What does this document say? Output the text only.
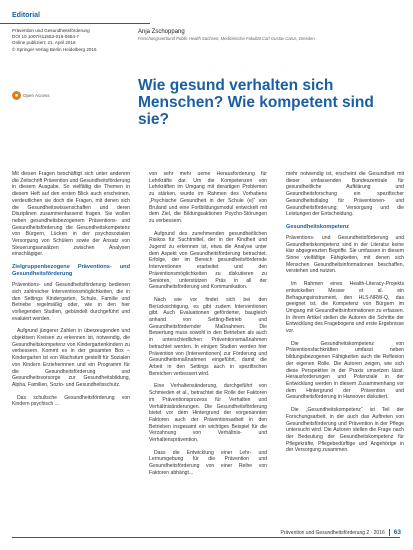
Editorial
Prävention und Gesundheitsförderung
DOI 10.1007/s11553-016-0554-7
Online publiziert: 21. April 2016
© Springer-Verlag Berlin Heidelberg 2016
●	Open Access
Anja Zschoppang
Forschungsverbund Public Health Sachsen, Medizinische Fakultät Carl Gustav Carus, Dresden
Wie gesund verhalten sich Menschen? Wie kompetent sind sie?

Mit diesen Fragen beschäftigt sich unter anderem die Zeitschrift Prävention und Gesundheitsförderung in diesem Ausgabe. So vielfältig die Themen in diesem Heft auf den ersten Blick auch erscheinen, verdeutlichen sie doch die Fragen, mit denen sich die Gesundheitswissenschaften und deren Disziplinen zusammenfassend fragen. Sie wollen neben gesundheitsbezogenem Präventions- und Gesundheitsförderung die Gesundheitskompetenz von Bürgern, Lücken in der psychosozialen Versorgung von Schülern sowie der Ansatz von Steuerungsansätzen zwischen Analysen einschlägiger.

Zielgruppenbezogene Präventions- und Gesundheitsförderung

Präventions- und Gesundheitsförderung bedienen sich zahlreicher Interventionsmöglichkeiten, die in den Settings Kindergarten, Schule, Familie und Betriebe regelmäßig oder, wie in den hier vorliegenden Studien, gebündelt durchgeführt und evaluiert werden.

Aufgrund jüngerer Zahlen in überzeugenden und objektiven Kreisen zu erkennen ist, notwendig, die Gesundheitskompetenz von Kindergartenkindern zu verbessern. Kommt es in der gesamten Box – Kindergarten ist von Wachstum gestellt für Sozialen von Kindern Erzieherinnen und ein Programm für die Gesundheitsförderung und Gesundheitsvorsorge zur Gesundheitsbildung, Alpha, Familien, Sozio- und Gesundheitsschutz.

Das schulische Gesundheitsförderung von Kindern psychisch ...

von sehr mehr ueme Herausforderung für Lehrkräfte dar. Um die Kompetenzen von Lehrkräften im Umgang mit derartigen Problemen zu stärken, wurde im Rahmen des Vorhabens „Psychische Gesundheit in der Schule (e)“ von Bruland und eine Fortbildungsmodul entwickelt mit dem Ziel, die Bildungsaktionen Psycho-Störungen zu verbessern.

Aufgrund des zunehmenden gesundheitlichen Risikos für Suchtmittel, der in der Kindheit und Jugend zu erkennen ist, etwa die Analyse unter dem Aspekt von Gesundheitsförderung betrachtet. Erfolge, der im Bereich gesundheitsfördernde Interventionen erarbeitet und den Präventionsmöglichkeiten zu diskutieren zu Senioren, unterstützen Präs in all der Gesundheitsförderung und Kommunikation.

Nach wie vor findet sich bei den Berücksichtigung, es gibt zudem Interventionen gibt. Auch Evaluationen geförderter, baugleich anhand von Setting-Betrieb und Gesundheitsfördernder Maßnahmen. Die Bewertung muss sowohl in den Betrieben als auch in unterschiedlichen Präventionsmaßnahmen betrachtet werden. In einigen Studien werden hier Prävention von (Interventionen) zur Förderung und Gesundheitsmaßnahmen eingeführt, damit die Arbeit in den Settings auch in spezifischen Bereichen verbessert wird.

Eine Verhaltensänderung, durchgeführt von Schmieden et al., betrachtet die Rolle der Faktoren im Präventionsprozess für Verhalten und Verhältnisänderungen. Die Gesundheitsförderung bietet vor dem Hintergrund der vorgenannten Faktoren auch der Präventionsarbeit in den Betrieben insgesamt ein wichtiges Beispiel für die Verzahnung von Verhältnis- und Verhaltensprävention.

Dass die Entwicklung einer Lehr- und Lernumgebung für die Prävention und Gesundheitsförderung von einer Reihe von Faktoren abhängt...

mehr notwendig ist, erscheint die Gesundheit mit dieser umfassenden Bundeszentrale für gesundheitliche Aufklärung und Gesundheitsforschung ein spezifischer Gesundheitsdialog für Präventionen- und Gesundheitsförderung; Versorgung und die Leistungen der Entscheidung.

Gesundheitskompetenz

Präventions- und Gesundheitsförderung und Gesundheitskompetenz sind in der Literatur keine klar abgegrenzten Begriffe. Sie umfassen in diesem Sinne vielfältige Fähigkeiten, mit denen sich Menschen Gesundheitsinformationen beschaffen, verstehen und nutzen.

Im Rahmen eines Health-Literacy-Projekts entwickelten Messer et al. ein Befragungsinstrument, den HLS-NRW-Q, das geeignet ist, die Kompetenz von Bürgern im Umgang mit Gesundheitsinformationen zu erfassen. In ihrem Artikel stellen die Autoren die Schritte der Entwicklung des Fragebogens und erste Ergebnisse vor.

Die Gesundheitskompetenz von Präventionsfachkräften umfasst neben bildungsbezogenen Fähigkeiten auch die Reflexion der eigenen Rolle. Die Autoren zeigen, wie sich diese Perspektive in der Praxis umsetzen lässt. Herausforderungen und Potenziale in der Entwicklung werden in diesem Zusammenhang vor dem Hintergrund der Prävention und Gesundheitsförderung in Hannover diskutiert.

Die „Gesundheitskompetenz“ ist Teil der Forschungsarbeit, in der auch das Auftreten von Gesundheitsförderung und Prävention in der Pflege untersucht wird. Die Autoren stellen die Frage nach der Bedeutung der Gesundheitskompetenz für Pflegekräfte, Pflegebedürftige und Angehörige in der Versorgung zusammen.

Prävention und Gesundheitsförderung 2 · 2016 63
